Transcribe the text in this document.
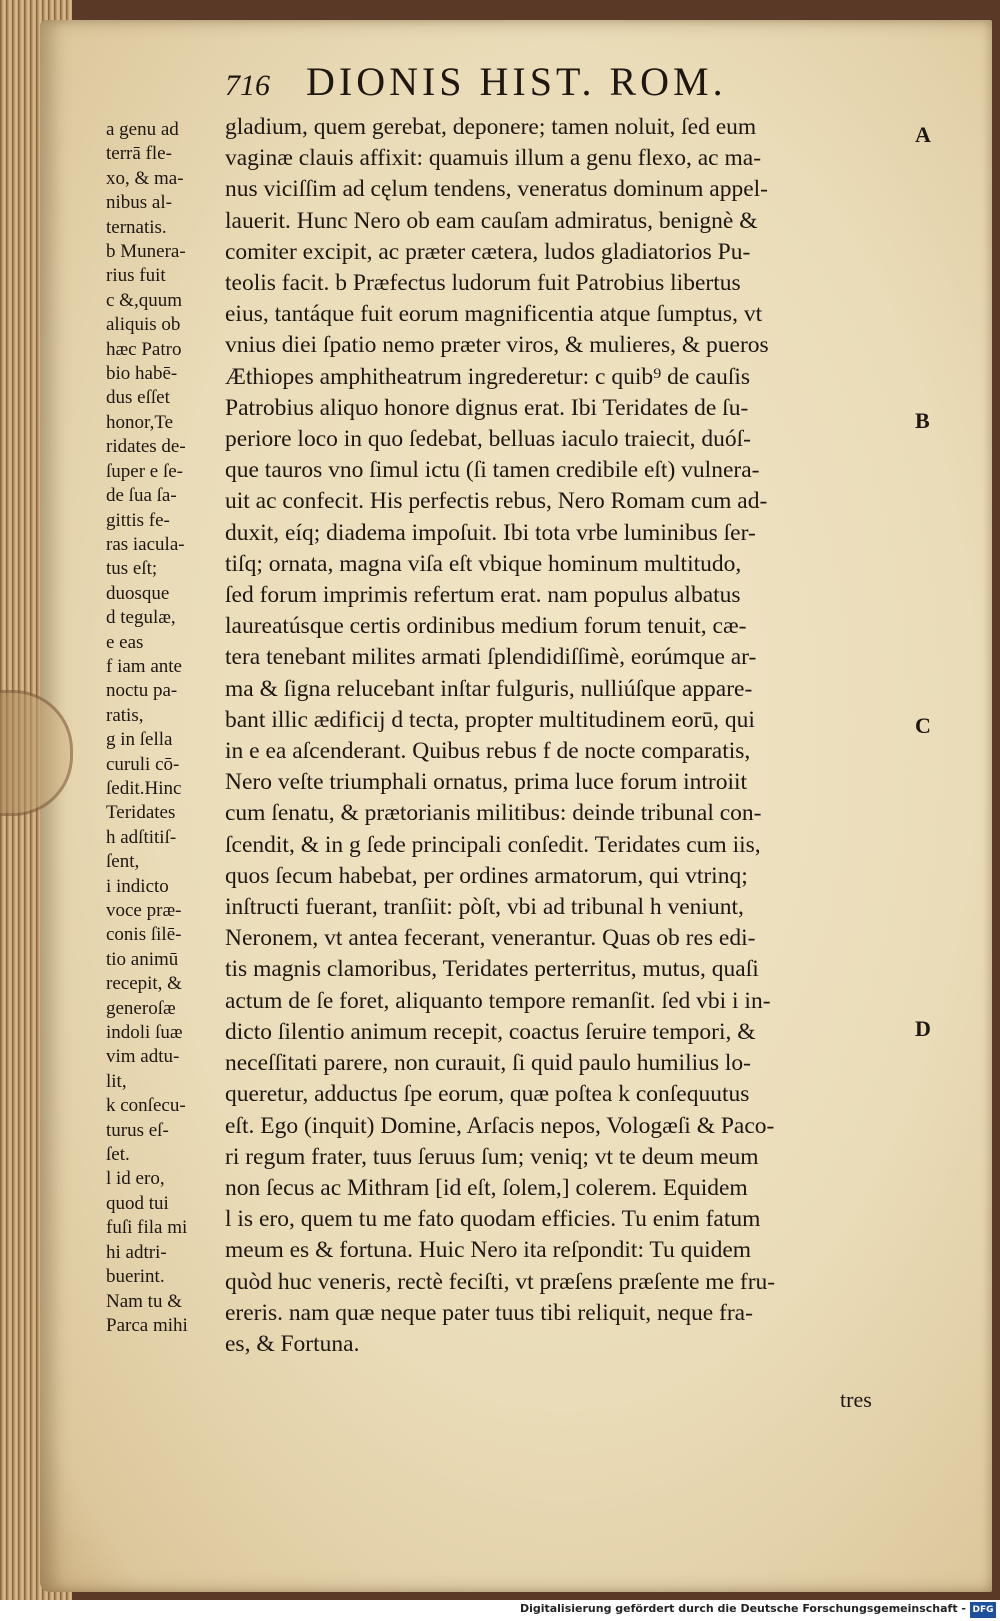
716 DIONIS HIST. ROM.
A
B
C
D
a genu ad
terrā fle-
xo, & ma-
nibus al-
ternatis.
b Munera-
rius fuit
c &,quum
aliquis ob
hæc Patro
bio habē-
dus eſſet
honor,Te
ridates de-
ſuper e ſe-
de ſua ſa-
gittis fe-
ras iacula-
tus eſt;
duosque
d tegulæ,
e eas
f iam ante
noctu pa-
ratis,
g in ſella
curuli cō-
ſedit.Hinc
Teridates
h adſtitiſ-
ſent,
i indicto
voce præ-
conis ſilē-
tio animū
recepit, &
generoſæ
indoli ſuæ
vim adtu-
lit,
k conſecu-
turus eſ-
ſet.
l id ero,
quod tui
fuſi fila mi
hi adtri-
buerint.
Nam tu &
Parca mihi
gladium, quem gerebat, deponere; tamen noluit, ſed eum
vaginæ clauis affixit: quamuis illum a genu flexo, ac ma-
nus viciſſim ad cęlum tendens, veneratus dominum appel-
lauerit. Hunc Nero ob eam cauſam admiratus, benignè &
comiter excipit, ac præter cætera, ludos gladiatorios Pu-
teolis facit. b Præfectus ludorum fuit Patrobius libertus
eius, tantáque fuit eorum magnificentia atque ſumptus, vt
vnius diei ſpatio nemo præter viros, & mulieres, & pueros
Æthiopes amphitheatrum ingrederetur: c quib⁹ de cauſis
Patrobius aliquo honore dignus erat. Ibi Teridates de ſu-
periore loco in quo ſedebat, belluas iaculo traiecit, duóſ-
que tauros vno ſimul ictu (ſi tamen credibile eſt) vulnera-
uit ac confecit. His perfectis rebus, Nero Romam cum ad-
duxit, eíq; diadema impoſuit. Ibi tota vrbe luminibus ſer-
tiſq; ornata, magna viſa eſt vbique hominum multitudo,
ſed forum imprimis refertum erat. nam populus albatus
laureatúsque certis ordinibus medium forum tenuit, cæ-
tera tenebant milites armati ſplendidiſſimè, eorúmque ar-
ma & ſigna relucebant inſtar fulguris, nulliúſque appare-
bant illic ædificij d tecta, propter multitudinem eorū, qui
in e ea aſcenderant. Quibus rebus f de nocte comparatis,
Nero veſte triumphali ornatus, prima luce forum introiit
cum ſenatu, & prætorianis militibus: deinde tribunal con-
ſcendit, & in g ſede principali conſedit. Teridates cum iis,
quos ſecum habebat, per ordines armatorum, qui vtrinq;
inſtructi fuerant, tranſiit: pòſt, vbi ad tribunal h veniunt,
Neronem, vt antea fecerant, venerantur. Quas ob res edi-
tis magnis clamoribus, Teridates perterritus, mutus, quaſi
actum de ſe foret, aliquanto tempore remanſit. ſed vbi i in-
dicto ſilentio animum recepit, coactus ſeruire tempori, &
neceſſitati parere, non curauit, ſi quid paulo humilius lo-
queretur, adductus ſpe eorum, quæ poſtea k conſequutus
eſt. Ego (inquit) Domine, Arſacis nepos, Vologæſi & Paco-
ri regum frater, tuus ſeruus ſum; veniq; vt te deum meum
non ſecus ac Mithram [id eſt, ſolem,] colerem. Equidem
l is ero, quem tu me fato quodam efficies. Tu enim fatum
meum es & fortuna. Huic Nero ita reſpondit: Tu quidem
quòd huc veneris, rectè feciſti, vt præſens præſente me fru-
ereris. nam quæ neque pater tuus tibi reliquit, neque fra-
es, & Fortuna.
tres
Digitalisierung gefördert durch die Deutsche Forschungsgemeinschaft - DFG
